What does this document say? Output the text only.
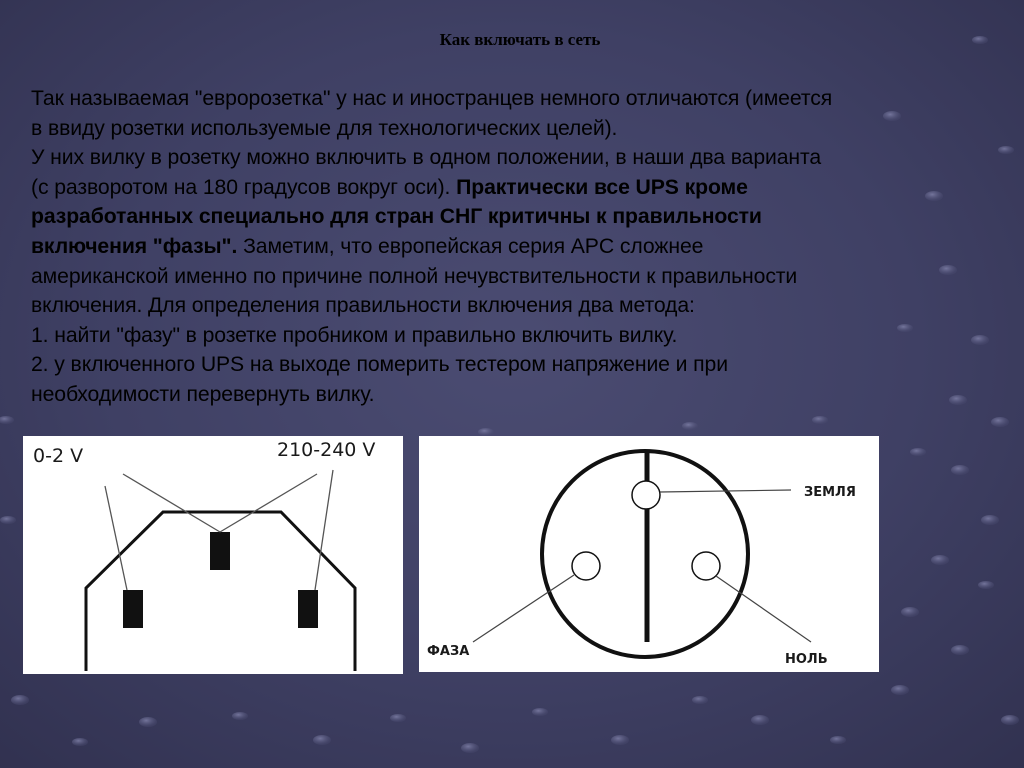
Как включать в сеть
Так называемая "евророзетка" у нас и иностранцев немного отличаются (имеется
в ввиду розетки используемые для технологических целей).
У них вилку в розетку можно включить в одном положении, в наши два варианта
(с разворотом на 180 градусов вокруг оси). Практически все UPS кроме
разработанных специально для стран СНГ критичны к правильности
включения "фазы". Заметим, что европейская серия APC сложнее
американской именно по причине полной нечувствительности к правильности
включения. Для определения правильности включения два метода:
1. найти "фазу" в розетке пробником и правильно включить вилку.
2. у включенного UPS на выходе померить тестером напряжение и при
необходимости перевернуть вилку.
0-2 V	210-240 V
ЗЕМЛЯ
ФАЗА
НОЛЬ
